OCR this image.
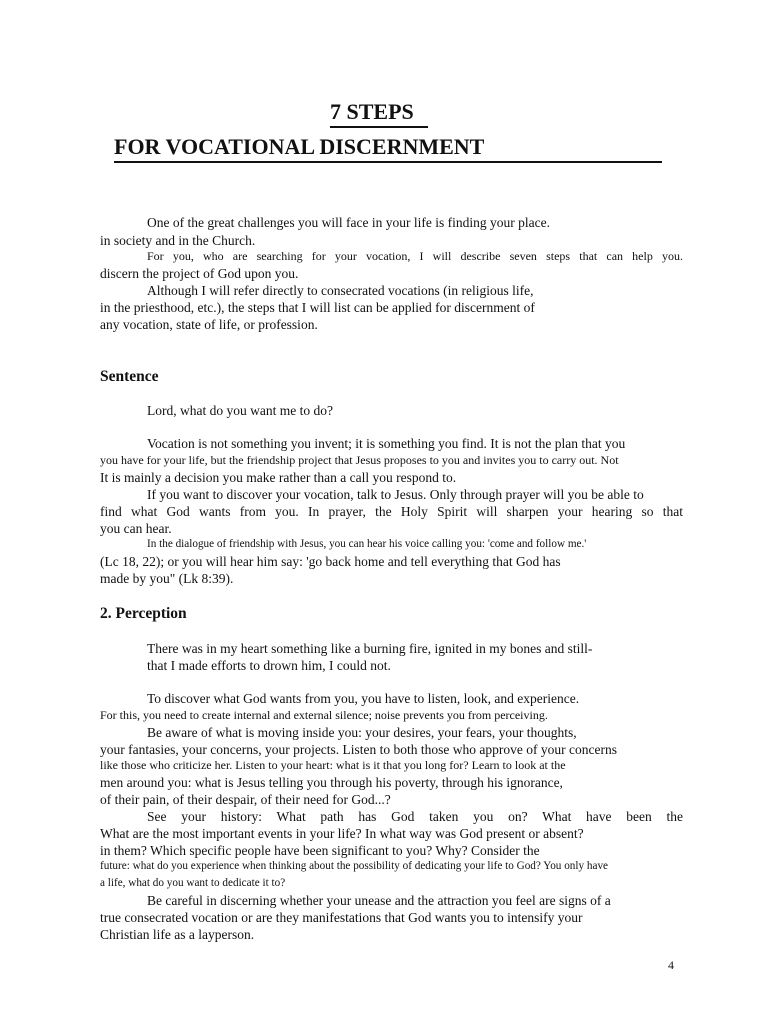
7 STEPS
FOR VOCATIONAL DISCERNMENT
One of the great challenges you will face in your life is finding your place.
in society and in the Church.
For you, who are searching for your vocation, I will describe seven steps that can help you.
discern the project of God upon you.
Although I will refer directly to consecrated vocations (in religious life,
in the priesthood, etc.), the steps that I will list can be applied for discernment of
any vocation, state of life, or profession.
Sentence
Lord, what do you want me to do?
Vocation is not something you invent; it is something you find. It is not the plan that you
you have for your life, but the friendship project that Jesus proposes to you and invites you to carry out. Not
It is mainly a decision you make rather than a call you respond to.
If you want to discover your vocation, talk to Jesus. Only through prayer will you be able to
find what God wants from you. In prayer, the Holy Spirit will sharpen your hearing so that
you can hear.
In the dialogue of friendship with Jesus, you can hear his voice calling you: 'come and follow me.'
(Lc 18, 22); or you will hear him say: 'go back home and tell everything that God has
made by you" (Lk 8:39).
2. Perception
There was in my heart something like a burning fire, ignited in my bones and still-
that I made efforts to drown him, I could not.
To discover what God wants from you, you have to listen, look, and experience.
For this, you need to create internal and external silence; noise prevents you from perceiving.
Be aware of what is moving inside you: your desires, your fears, your thoughts,
your fantasies, your concerns, your projects. Listen to both those who approve of your concerns
like those who criticize her. Listen to your heart: what is it that you long for? Learn to look at the
men around you: what is Jesus telling you through his poverty, through his ignorance,
of their pain, of their despair, of their need for God...?
See your history: What path has God taken you on? What have been the
What are the most important events in your life? In what way was God present or absent?
in them? Which specific people have been significant to you? Why? Consider the
future: what do you experience when thinking about the possibility of dedicating your life to God? You only have
a life, what do you want to dedicate it to?
Be careful in discerning whether your unease and the attraction you feel are signs of a
true consecrated vocation or are they manifestations that God wants you to intensify your
Christian life as a layperson.
4
